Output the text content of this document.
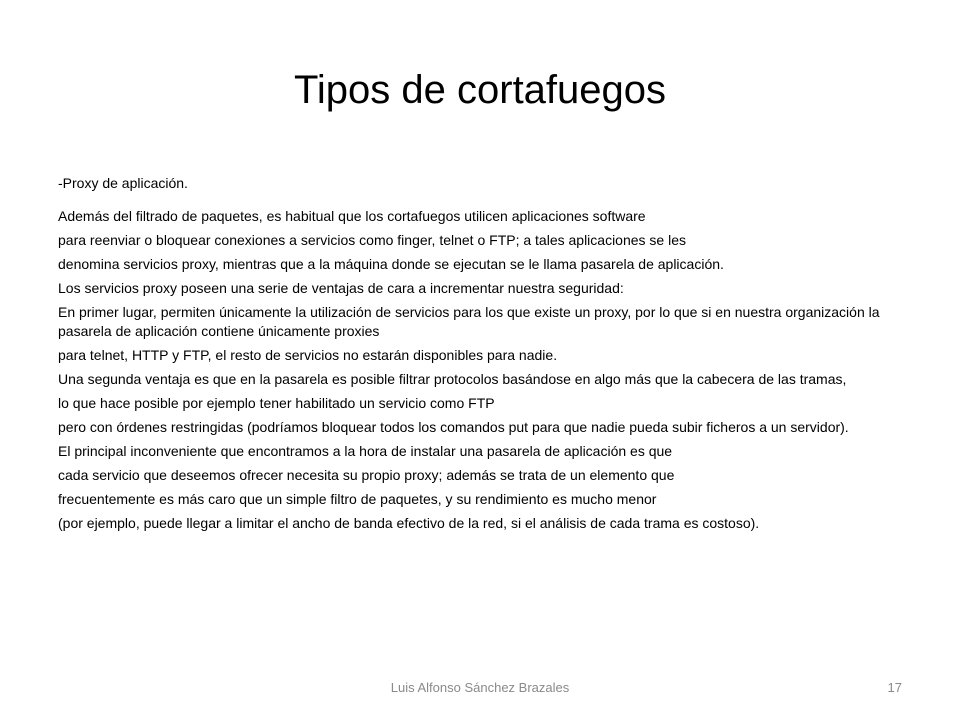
Tipos de cortafuegos

-Proxy de aplicación.

Además del filtrado de paquetes, es habitual que los cortafuegos utilicen aplicaciones software

para reenviar o bloquear conexiones a servicios como finger, telnet o FTP; a tales aplicaciones se les

denomina servicios proxy, mientras que a la máquina donde se ejecutan se le llama pasarela de aplicación.

Los servicios proxy poseen una serie de ventajas de cara a incrementar nuestra seguridad:

En primer lugar, permiten únicamente la utilización de servicios para los que existe un proxy, por lo que si en nuestra organización la pasarela de aplicación contiene únicamente proxies

para telnet, HTTP y FTP, el resto de servicios no estarán disponibles para nadie.

Una segunda ventaja es que en la pasarela es posible filtrar protocolos basándose en algo más que la cabecera de las tramas,

lo que hace posible por ejemplo tener habilitado un servicio como FTP

pero con órdenes restringidas (podríamos bloquear todos los comandos put para que nadie pueda subir ficheros a un servidor).

El principal inconveniente que encontramos a la hora de instalar una pasarela de aplicación es que

cada servicio que deseemos ofrecer necesita su propio proxy; además se trata de un elemento que

frecuentemente es más caro que un simple filtro de paquetes, y su rendimiento es mucho menor

(por ejemplo, puede llegar a limitar el ancho de banda efectivo de la red, si el análisis de cada trama es costoso).

Luis Alfonso Sánchez Brazales	17
